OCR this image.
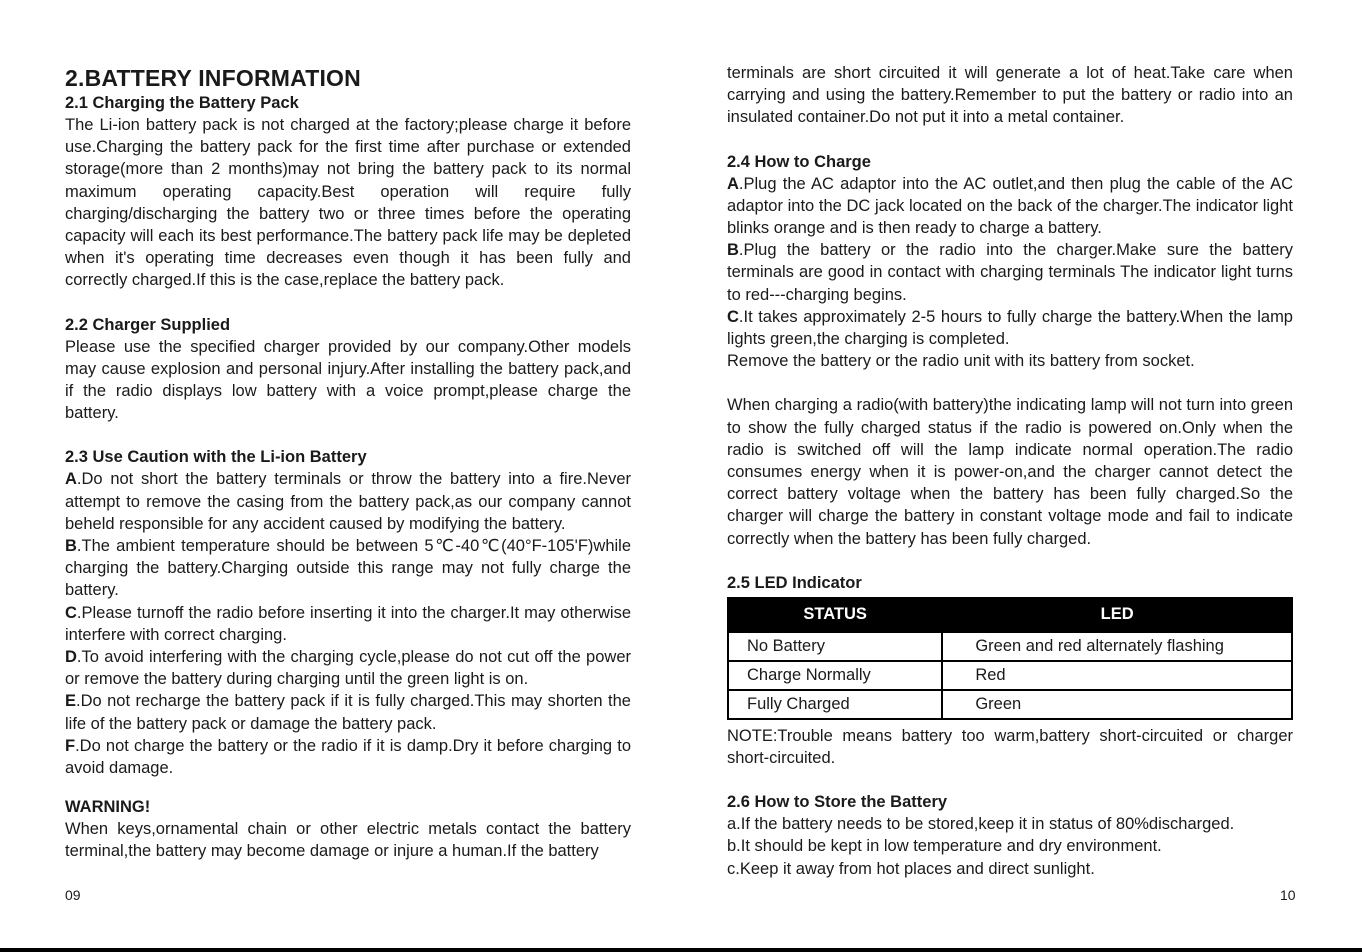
2.BATTERY INFORMATION
2.1 Charging the Battery Pack

The Li-ion battery pack is not charged at the factory;please charge it before use.Charging the battery pack for the first time after purchase or extended storage(more than 2 months)may not bring the battery pack to its normal maximum operating capacity.Best operation will require fully charging/discharging the battery two or three times before the operating capacity will each its best performance.The battery pack life may be depleted when it's operating time decreases even though it has been fully and correctly charged.If this is the case,replace the battery pack.

2.2 Charger Supplied

Please use the specified charger provided by our company.Other models may cause explosion and personal injury.After installing the battery pack,and if the radio displays low battery with a voice prompt,please charge the battery.

2.3 Use Caution with the Li-ion Battery

A.Do not short the battery terminals or throw the battery into a fire.Never attempt to remove the casing from the battery pack,as our company cannot beheld responsible for any accident caused by modifying the battery.

B.The ambient temperature should be between 5℃-40℃(40°F-105'F)while charging the battery.Charging outside this range may not fully charge the battery.

C.Please turnoff the radio before inserting it into the charger.It may otherwise interfere with correct charging.

D.To avoid interfering with the charging cycle,please do not cut off the power or remove the battery during charging until the green light is on.

E.Do not recharge the battery pack if it is fully charged.This may shorten the life of the battery pack or damage the battery pack.

F.Do not charge the battery or the radio if it is damp.Dry it before charging to avoid damage.

WARNING!

When keys,ornamental chain or other electric metals contact the battery terminal,the battery may become damage or injure a human.If the battery

09

terminals are short circuited it will generate a lot of heat.Take care when carrying and using the battery.Remember to put the battery or radio into an insulated container.Do not put it into a metal container.

2.4 How to Charge

A.Plug the AC adaptor into the AC outlet,and then plug the cable of the AC adaptor into the DC jack located on the back of the charger.The indicator light blinks orange and is then ready to charge a battery.

B.Plug the battery or the radio into the charger.Make sure the battery terminals are good in contact with charging terminals The indicator light turns to red---charging begins.

C.It takes approximately 2-5 hours to fully charge the battery.When the lamp lights green,the charging is completed.

Remove the battery or the radio unit with its battery from socket.

When charging a radio(with battery)the indicating lamp will not turn into green to show the fully charged status if the radio is powered on.Only when the radio is switched off will the lamp indicate normal operation.The radio consumes energy when it is power-on,and the charger cannot detect the correct battery voltage when the battery has been fully charged.So the charger will charge the battery in constant voltage mode and fail to indicate correctly when the battery has been fully charged.

2.5 LED Indicator
STATUS	LED
No Battery	Green and red alternately flashing
Charge Normally	Red
Fully Charged	Green

NOTE:Trouble means battery too warm,battery short-circuited or charger short-circuited.

2.6 How to Store the Battery

a.If the battery needs to be stored,keep it in status of 80%discharged.

b.It should be kept in low temperature and dry environment.

c.Keep it away from hot places and direct sunlight.

10
